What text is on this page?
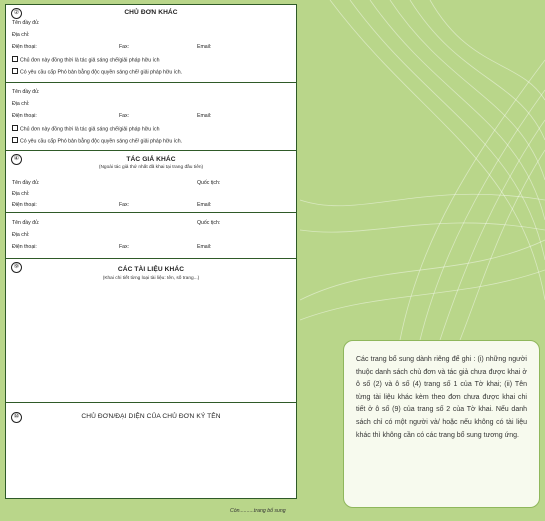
②	CHỦ ĐƠN KHÁC
Tên đầy đủ:
Địa chỉ:
Điện thoại:	Fax:	Email:
Chủ đơn này đồng thời là tác giả sáng chế/giải pháp hữu ích
Có yêu cầu cấp Phó bản bằng độc quyền sáng chế/ giải pháp hữu ích.
Tên đầy đủ:
Địa chỉ:
Điện thoại:	Fax:	Email:
Chủ đơn này đồng thời là tác giả sáng chế/giải pháp hữu ích
Có yêu cầu cấp Phó bản bằng độc quyền sáng chế/ giải pháp hữu ích.
④	TÁC GIẢ KHÁC
(Ngoài tác giả thứ nhất đã khai tại trang đầu tiên)
Tên đầy đủ:	Quốc tịch:
Địa chỉ:
Điện thoại:	Fax:	Email:
Tên đầy đủ:	Quốc tịch:
Địa chỉ:
Điện thoại:	Fax:	Email:
⑨	CÁC TÀI LIỆU KHÁC
(Khai chi tiết từng loại tài liệu: tên, số trang...)
⑩	CHỦ ĐƠN/ĐẠI DIỆN CỦA CHỦ ĐƠN KÝ TÊN
Còn..........trang bổ sung
Các trang bổ sung dành riêng để ghi : (i) những người thuộc danh sách chủ đơn và tác giả chưa được khai ở ô số (2) và ô số (4) trang số 1 của Tờ khai; (ii) Tên từng tài liệu khác kèm theo đơn chưa được khai chi tiết ở ô số (9) của trang số 2 của Tờ khai. Nếu danh sách chỉ có một người và/ hoặc nếu không có tài liệu khác thì không cần có các trang bổ sung tương ứng.
